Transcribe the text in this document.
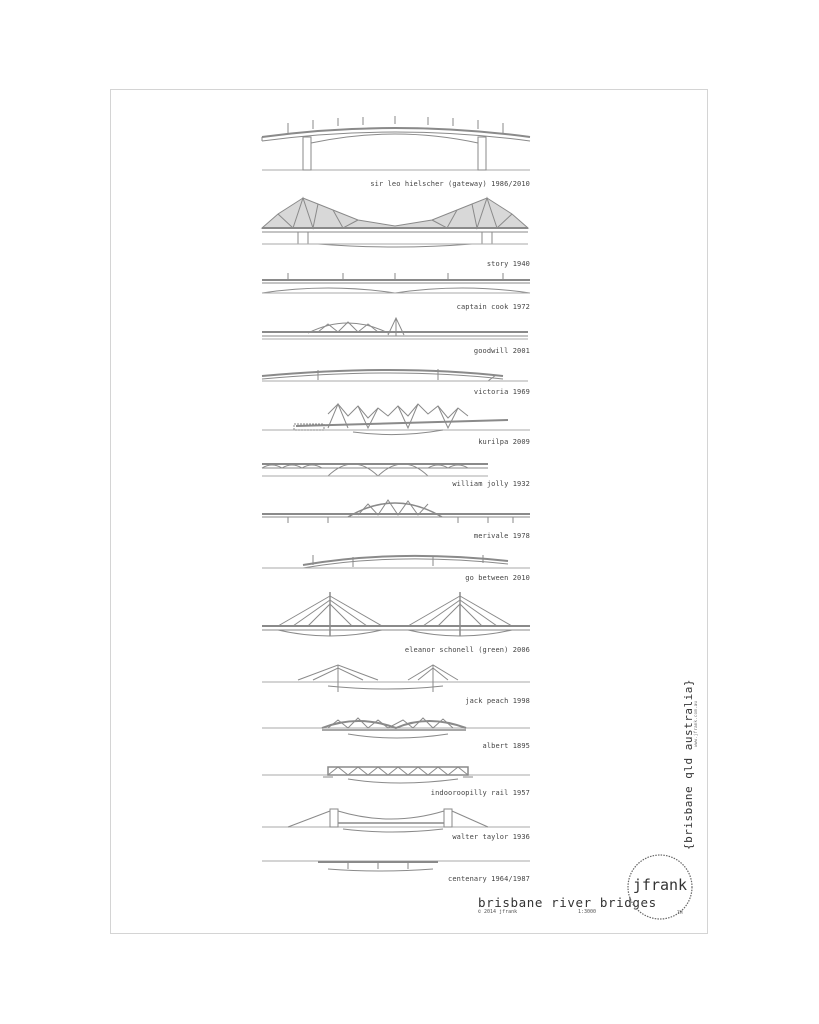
sir leo hielscher (gateway) 1986/2010
story 1940
captain cook 1972
goodwill 2001
victoria 1969
kurilpa 2009
william jolly 1932
merivale 1978
go between 2010
eleanor schonell (green) 2006
jack peach 1998
albert 1895
indooroopilly rail 1957
walter taylor 1936
centenary 1964/1987
brisbane river bridges
© 2014 jfrank	1:3000
{brisbane qld australia} www.jfrank.com.au
jfrank
TM
